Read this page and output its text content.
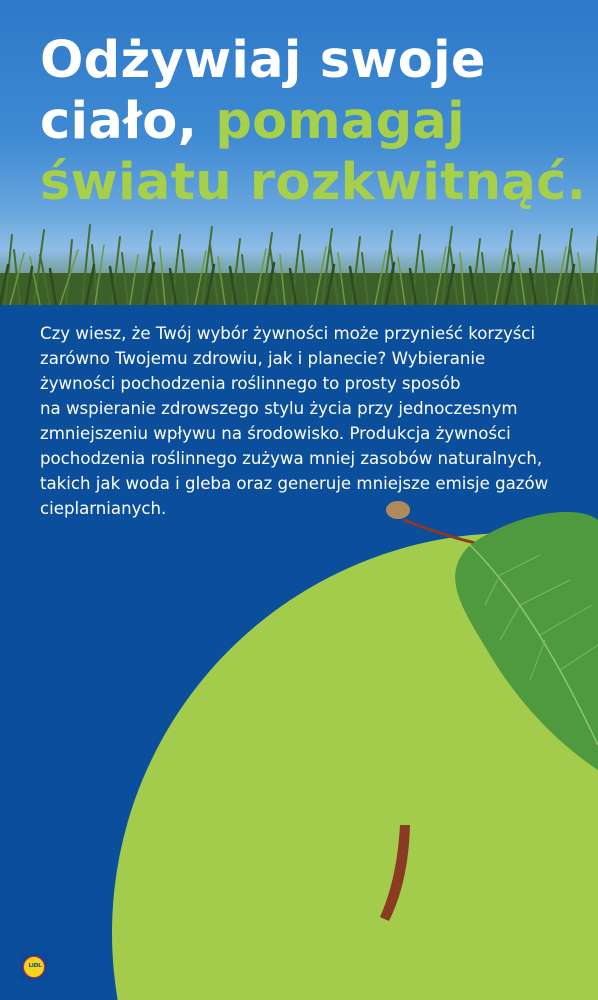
Odżywiaj swoje
ciało, pomagaj
światu rozkwitnąć.

Czy wiesz, że Twój wybór żywności może przynieść korzyści
zarówno Twojemu zdrowiu, jak i planecie? Wybieranie
żywności pochodzenia roślinnego to prosty sposób
na wspieranie zdrowszego stylu życia przy jednoczesnym
zmniejszeniu wpływu na środowisko. Produkcja żywności
pochodzenia roślinnego zużywa mniej zasobów naturalnych,
takich jak woda i gleba oraz generuje mniejsze emisje gazów
cieplarnianych.

LIDL
